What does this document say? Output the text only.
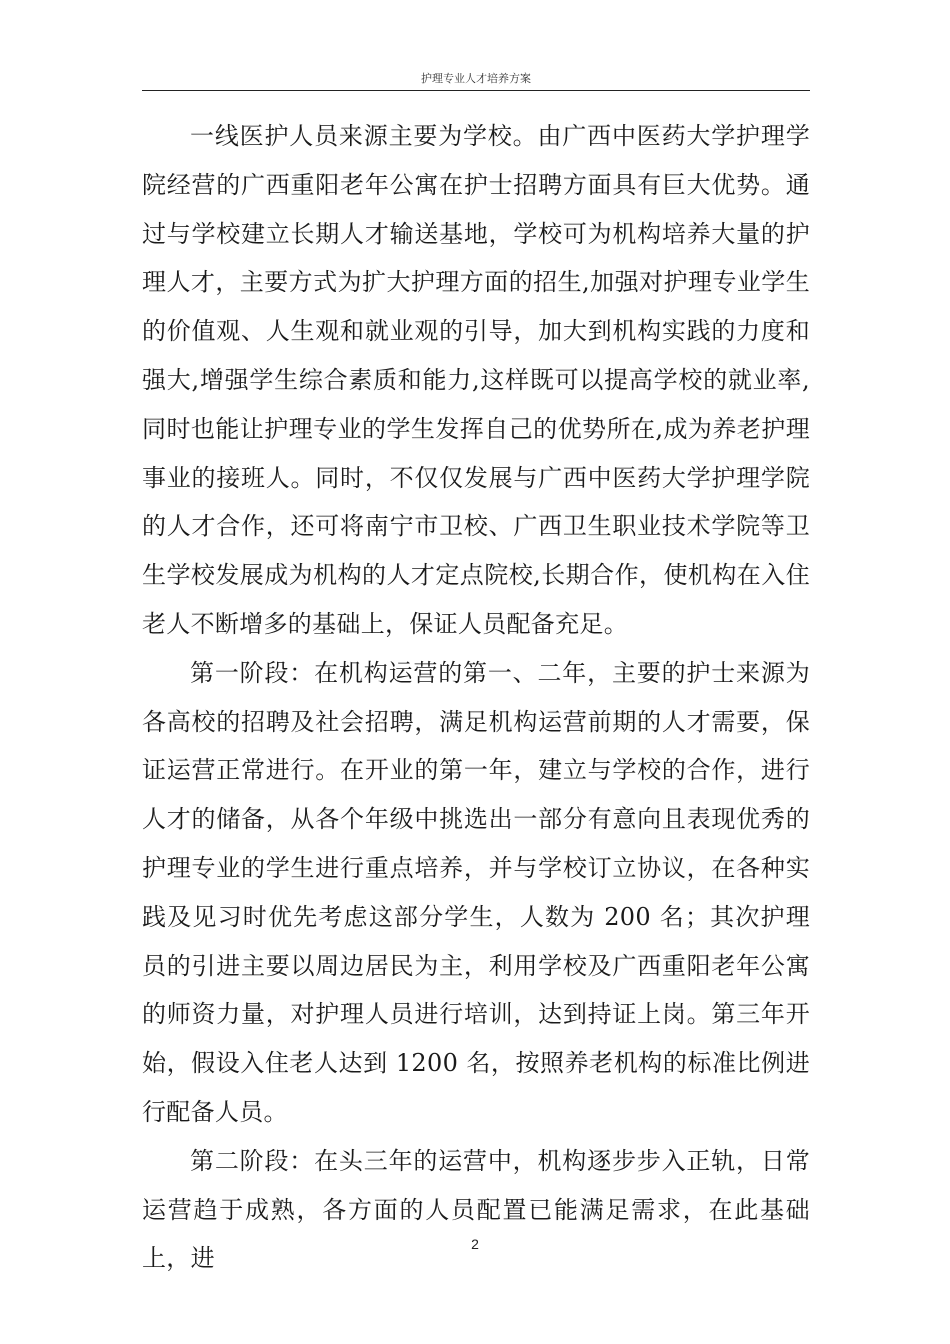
护理专业人才培养方案

一线医护人员来源主要为学校。由广西中医药大学护理学院经营的广西重阳老年公寓在护士招聘方面具有巨大优势。通过与学校建立长期人才输送基地，学校可为机构培养大量的护理人才，主要方式为扩大护理方面的招生,加强对护理专业学生的价值观、人生观和就业观的引导，加大到机构实践的力度和强大,增强学生综合素质和能力,这样既可以提高学校的就业率,同时也能让护理专业的学生发挥自己的优势所在,成为养老护理事业的接班人。同时，不仅仅发展与广西中医药大学护理学院的人才合作，还可将南宁市卫校、广西卫生职业技术学院等卫生学校发展成为机构的人才定点院校,长期合作，使机构在入住老人不断增多的基础上，保证人员配备充足。

第一阶段：在机构运营的第一、二年，主要的护士来源为各高校的招聘及社会招聘，满足机构运营前期的人才需要，保证运营正常进行。在开业的第一年，建立与学校的合作，进行人才的储备，从各个年级中挑选出一部分有意向且表现优秀的护理专业的学生进行重点培养，并与学校订立协议，在各种实践及见习时优先考虑这部分学生，人数为 200 名；其次护理员的引进主要以周边居民为主，利用学校及广西重阳老年公寓的师资力量，对护理人员进行培训，达到持证上岗。第三年开始，假设入住老人达到 1200 名，按照养老机构的标准比例进行配备人员。

第二阶段：在头三年的运营中，机构逐步步入正轨，日常运营趋于成熟，各方面的人员配置已能满足需求，在此基础上，进

2
